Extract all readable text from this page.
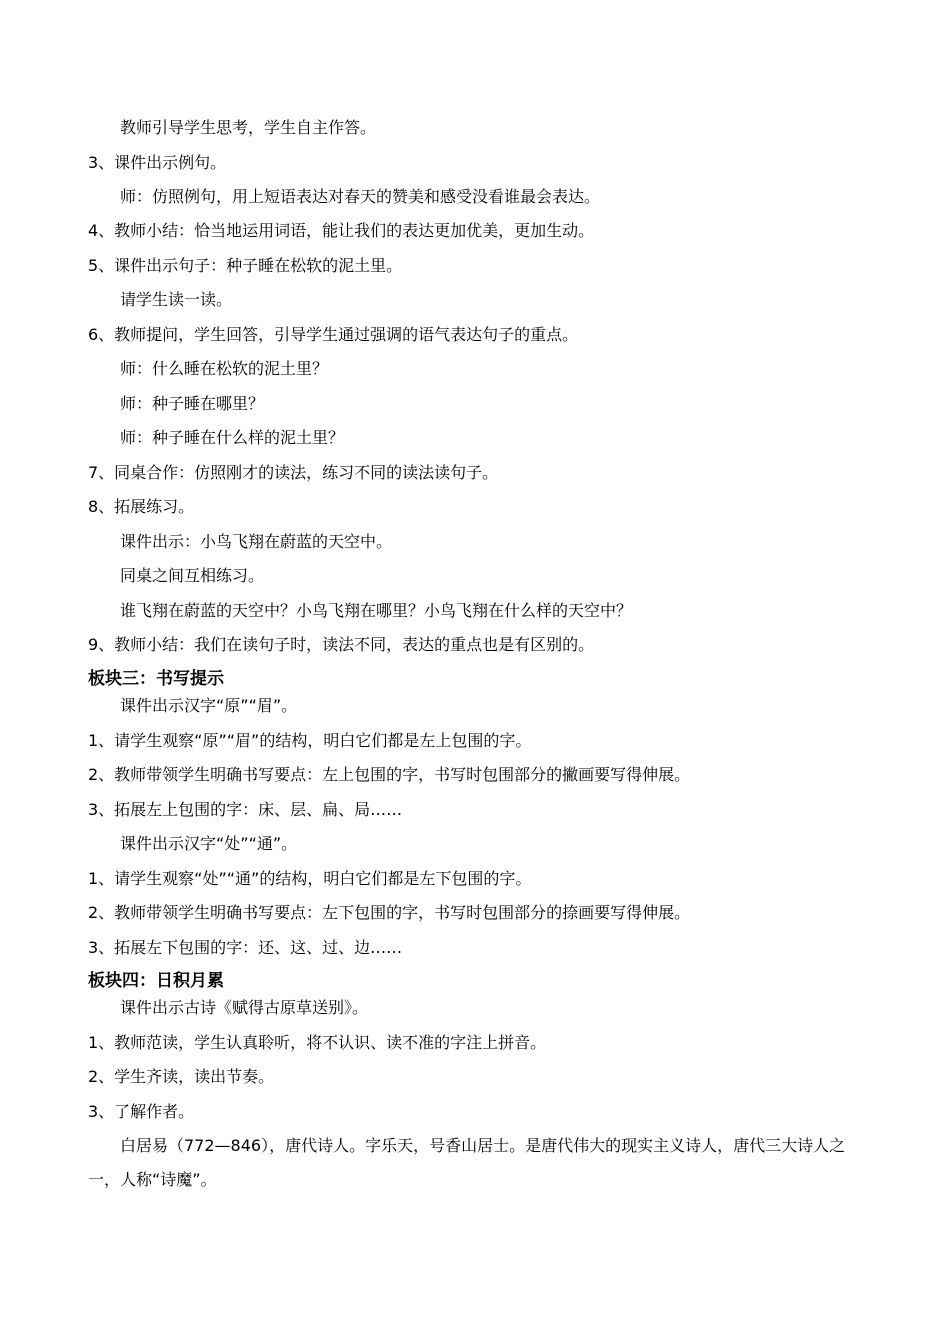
教师引导学生思考，学生自主作答。
3、课件出示例句。
师：仿照例句，用上短语表达对春天的赞美和感受没看谁最会表达。
4、教师小结：恰当地运用词语，能让我们的表达更加优美，更加生动。
5、课件出示句子：种子睡在松软的泥土里。
请学生读一读。
6、教师提问，学生回答，引导学生通过强调的语气表达句子的重点。
师：什么睡在松软的泥土里？
师：种子睡在哪里？
师：种子睡在什么样的泥土里？
7、同桌合作：仿照刚才的读法，练习不同的读法读句子。
8、拓展练习。
课件出示：小鸟飞翔在蔚蓝的天空中。
同桌之间互相练习。
谁飞翔在蔚蓝的天空中？小鸟飞翔在哪里？小鸟飞翔在什么样的天空中？
9、教师小结：我们在读句子时，读法不同，表达的重点也是有区别的。
板块三：书写提示
课件出示汉字“原”“眉”。
1、请学生观察“原”“眉”的结构，明白它们都是左上包围的字。
2、教师带领学生明确书写要点：左上包围的字，书写时包围部分的撇画要写得伸展。
3、拓展左上包围的字：床、层、扁、局……
课件出示汉字“处”“通”。
1、请学生观察“处”“通”的结构，明白它们都是左下包围的字。
2、教师带领学生明确书写要点：左下包围的字，书写时包围部分的捺画要写得伸展。
3、拓展左下包围的字：还、这、过、边……
板块四：日积月累
课件出示古诗《赋得古原草送别》。
1、教师范读，学生认真聆听，将不认识、读不准的字注上拼音。
2、学生齐读，读出节奏。
3、了解作者。
白居易（772—846），唐代诗人。字乐天，号香山居士。是唐代伟大的现实主义诗人，唐代三大诗人之一，人称“诗魔”。
